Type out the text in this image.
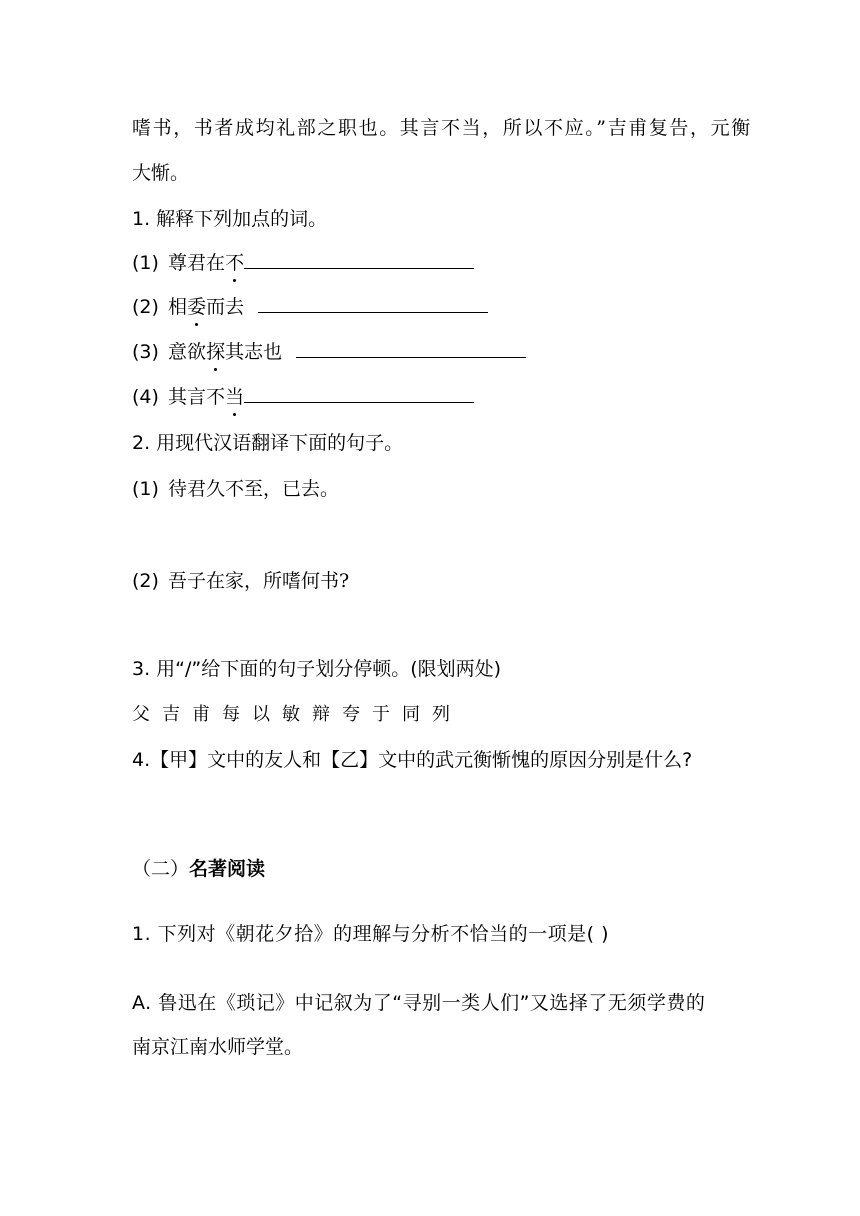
嗜书，书者成均礼部之职也。其言不当，所以不应。”吉甫复告，元衡
大惭。
1. 解释下列加点的词。
(1) 尊君在不
(2) 相委而去
(3) 意欲探其志也
(4) 其言不当
2. 用现代汉语翻译下面的句子。
(1) 待君久不至，已去。
(2) 吾子在家，所嗜何书?
3. 用“/”给下面的句子划分停顿。(限划两处)
父吉甫每以敏辩夸于同列
4.【甲】文中的友人和【乙】文中的武元衡惭愧的原因分别是什么?
（二）名著阅读
1. 下列对《朝花夕拾》的理解与分析不恰当的一项是( )
A. 鲁迅在《琐记》中记叙为了“寻别一类人们”又选择了无须学费的
南京江南水师学堂。
